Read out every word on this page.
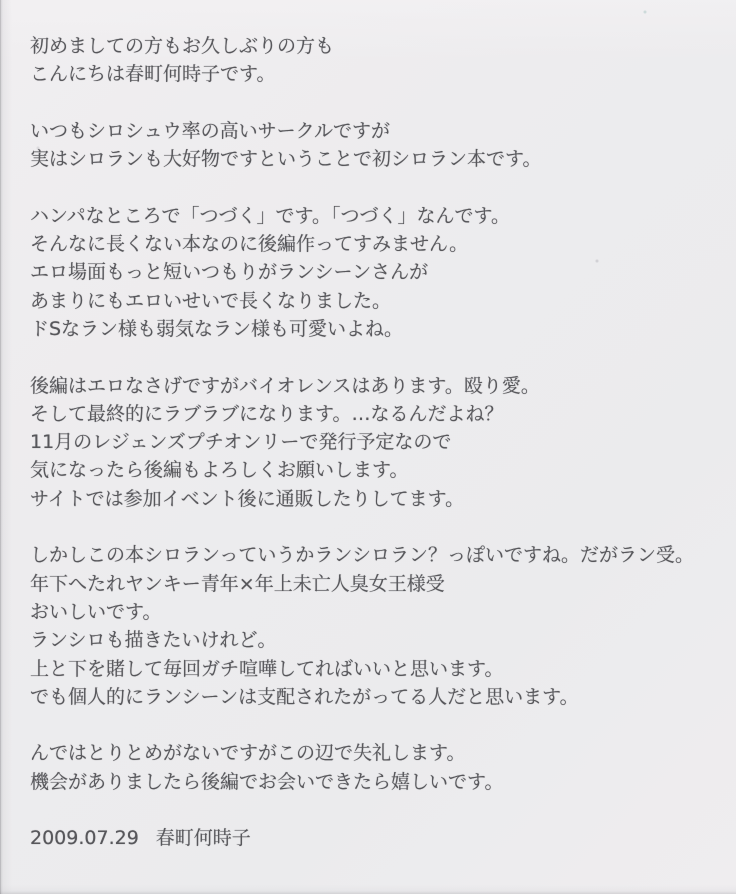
初めましての方もお久しぶりの方も
こんにちは春町何時子です。
いつもシロシュウ率の高いサークルですが
実はシロランも大好物ですということで初シロラン本です。
ハンパなところで「つづく」です。「つづく」なんです。
そんなに長くない本なのに後編作ってすみません。
エロ場面もっと短いつもりがランシーンさんが
あまりにもエロいせいで長くなりました。
ドSなラン様も弱気なラン様も可愛いよね。
後編はエロなさげですがバイオレンスはあります。殴り愛。
そして最終的にラブラブになります。…なるんだよね？
11月のレジェンズプチオンリーで発行予定なので
気になったら後編もよろしくお願いします。
サイトでは参加イベント後に通販したりしてます。
しかしこの本シロランっていうかランシロラン？っぽいですね。だがラン受。
年下へたれヤンキー青年×年上未亡人臭女王様受
おいしいです。
ランシロも描きたいけれど。
上と下を賭して毎回ガチ喧嘩してればいいと思います。
でも個人的にランシーンは支配されたがってる人だと思います。
んではとりとめがないですがこの辺で失礼します。
機会がありましたら後編でお会いできたら嬉しいです。
2009.07.29 春町何時子
